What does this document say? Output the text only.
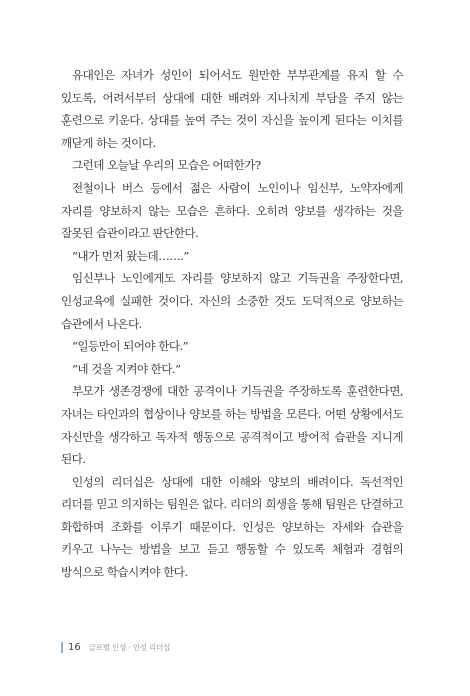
유대인은 자녀가 성인이 되어서도 원만한 부부관계를 유지 할 수 있도록, 어려서부터 상대에 대한 배려와 지나치게 부담을 주지 않는 훈련으로 키운다. 상대를 높여 주는 것이 자신을 높이게 된다는 이치를 깨닫게 하는 것이다.

그런데 오늘날 우리의 모습은 어떠한가?

전철이나 버스 등에서 젊은 사람이 노인이나 임신부, 노약자에게 자리를 양보하지 않는 모습은 흔하다. 오히려 양보를 생각하는 것을 잘못된 습관이라고 판단한다.

“내가 먼저 왔는데…….”

임신부나 노인에게도 자리를 양보하지 않고 기득권을 주장한다면, 인성교육에 실패한 것이다. 자신의 소중한 것도 도덕적으로 양보하는 습관에서 나온다.

“일등만이 되어야 한다.”

“네 것을 지켜야 한다.”

부모가 생존경쟁에 대한 공격이나 기득권을 주장하도록 훈련한다면, 자녀는 타인과의 협상이나 양보를 하는 방법을 모른다. 어떤 상황에서도 자신만을 생각하고 독자적 행동으로 공격적이고 방어적 습관을 지니게 된다.

인성의 리더십은 상대에 대한 이해와 양보의 배려이다. 독선적인 리더를 믿고 의지하는 팀원은 없다. 리더의 희생을 통해 팀원은 단결하고 화합하며 조화를 이루기 때문이다. 인성은 양보하는 자세와 습관을 키우고 나누는 방법을 보고 듣고 행동할 수 있도록 체험과 경험의 방식으로 학습시켜야 한다.

16 글로벌 인성 · 인성 리더십
